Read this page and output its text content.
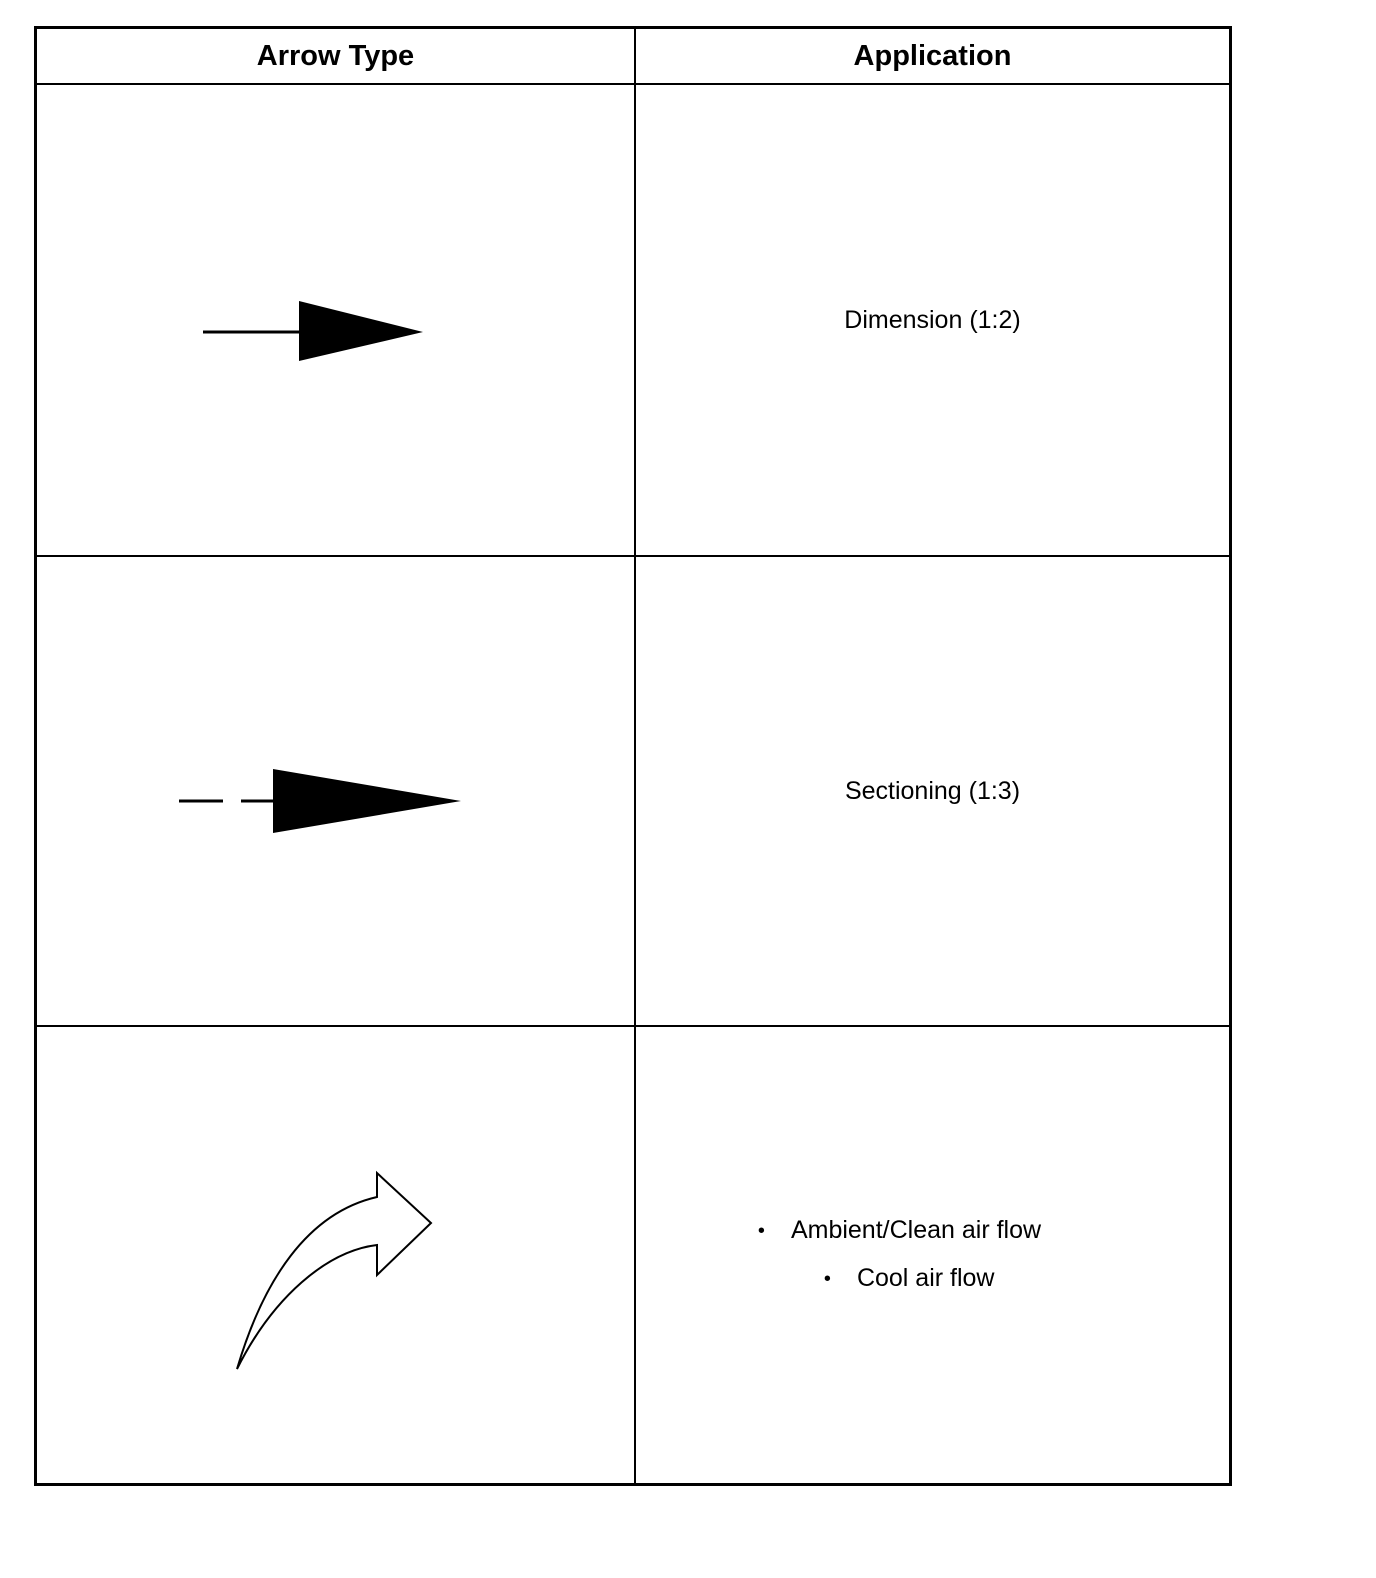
Arrow Type	Application
Dimension (1:2)
Sectioning (1:3)
• Ambient/Clean air flow
• Cool air flow
